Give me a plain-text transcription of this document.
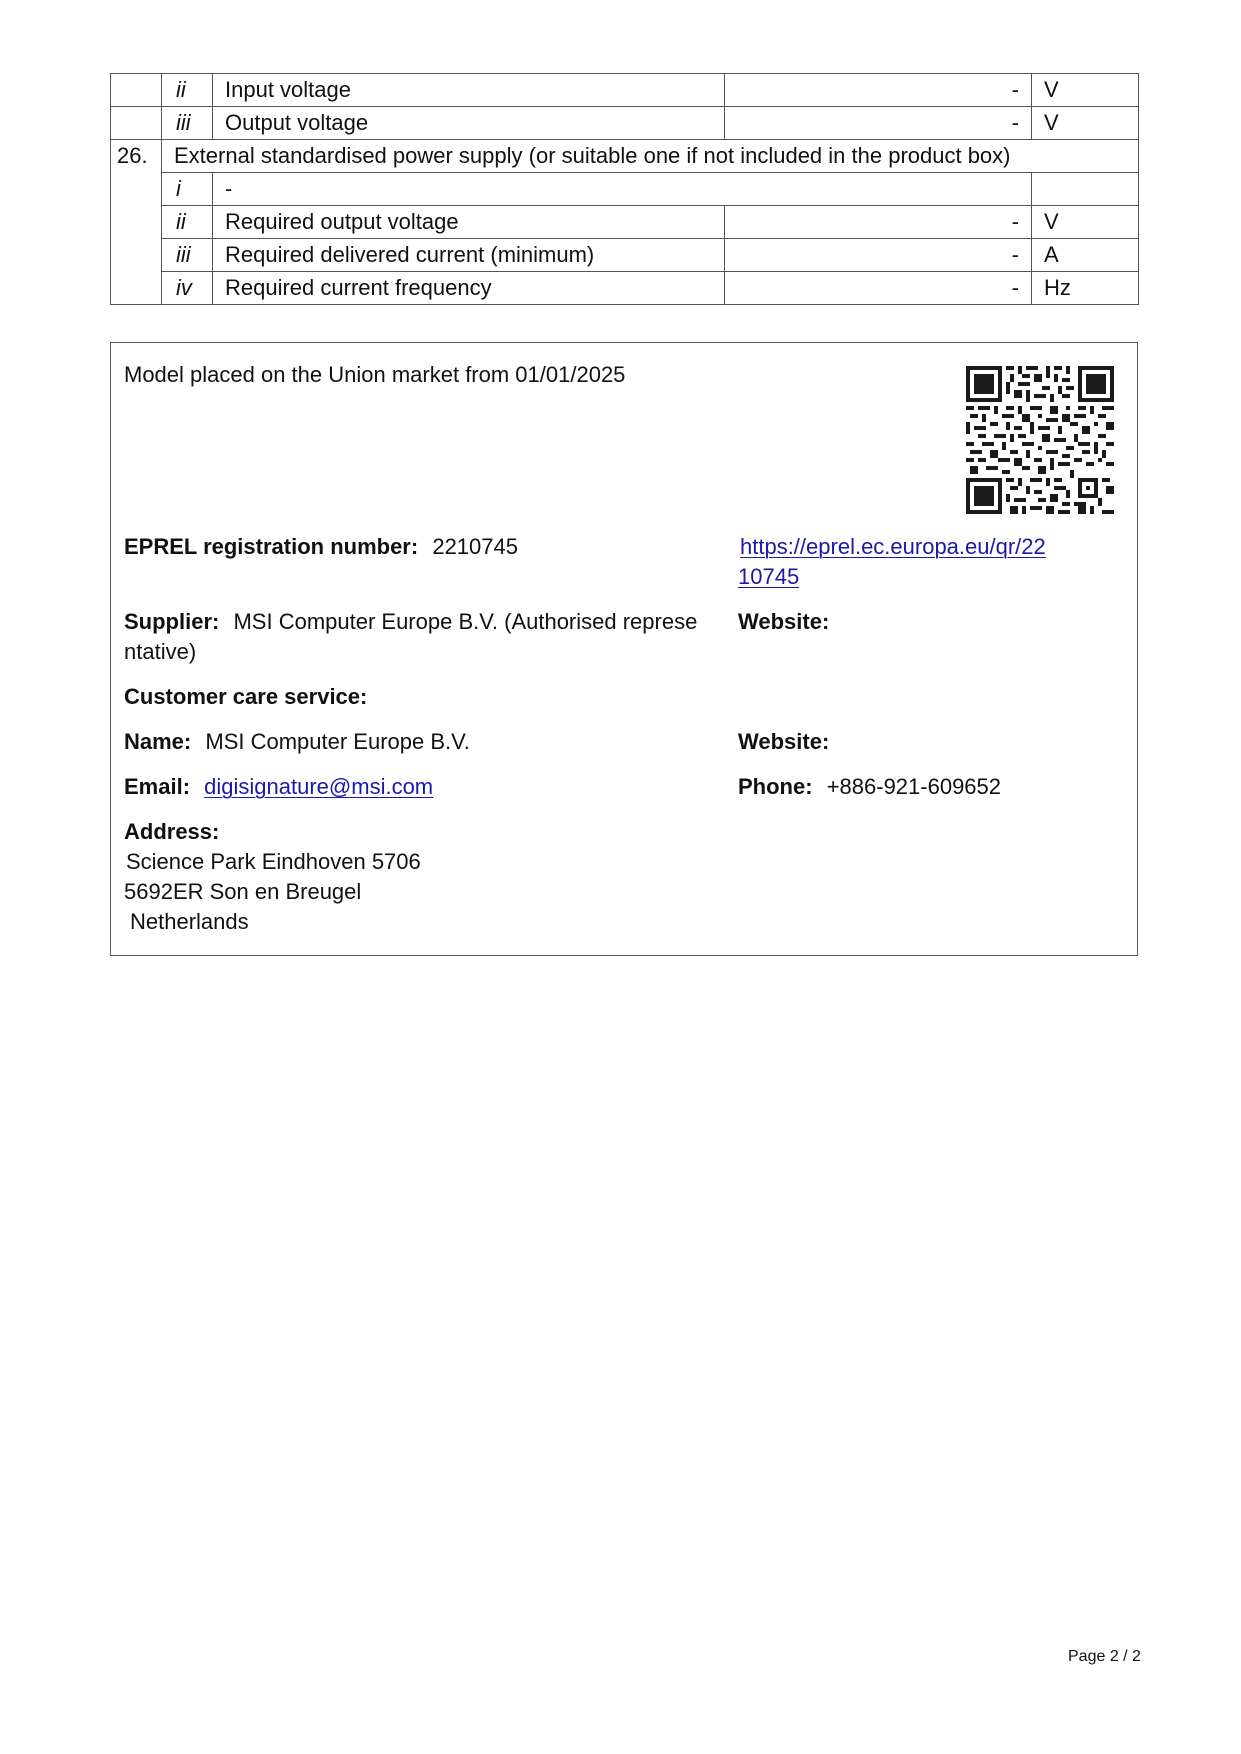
	ii	Input voltage	-	V
	iii	Output voltage	-	V
26.	External standardised power supply (or suitable one if not included in the product box)			
	i	-		
	ii	Required output voltage	-	V
	iii	Required delivered current (minimum)	-	A
	iv	Required current frequency	-	Hz
Model placed on the Union market from 01/01/2025
EPREL registration number: 2210745	https://eprel.ec.europa.eu/qr/22
10745
Supplier: MSI Computer Europe B.V. (Authorised represe
ntative)
Website:
Customer care service:
Name: MSI Computer Europe B.V.	Website:
Email: digisignature@msi.com	Phone: +886-921-609652
Address:
Science Park Eindhoven 5706
5692ER Son en Breugel
Netherlands
Page 2 / 2
